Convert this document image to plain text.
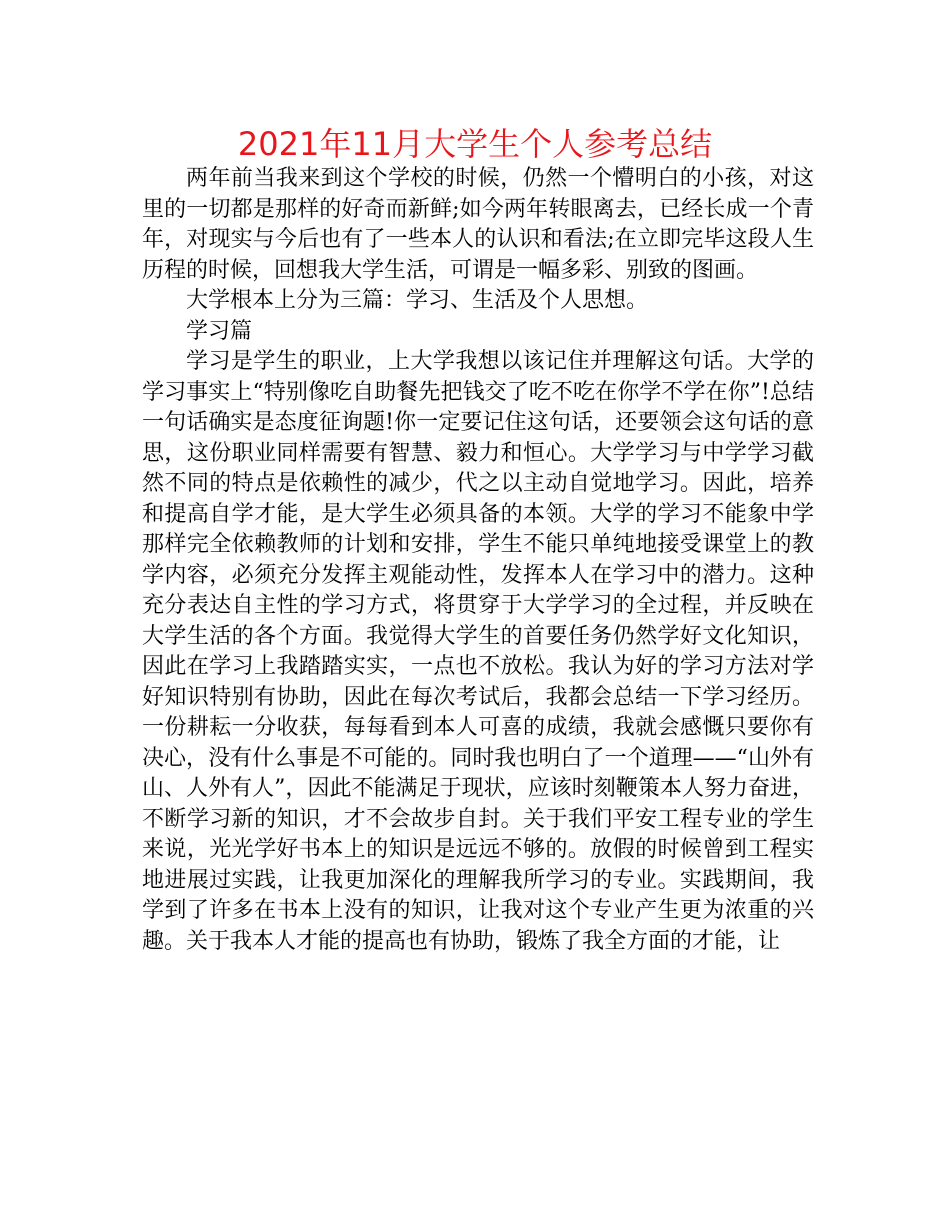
2021年11月大学生个人参考总结

两年前当我来到这个学校的时候，仍然一个懵明白的小孩，对这里的一切都是那样的好奇而新鲜;如今两年转眼离去，已经长成一个青年，对现实与今后也有了一些本人的认识和看法;在立即完毕这段人生历程的时候，回想我大学生活，可谓是一幅多彩、别致的图画。

大学根本上分为三篇：学习、生活及个人思想。

学习篇

学习是学生的职业，上大学我想以该记住并理解这句话。大学的学习事实上“特别像吃自助餐先把钱交了吃不吃在你学不学在你”!总结一句话确实是态度征询题!你一定要记住这句话，还要领会这句话的意思，这份职业同样需要有智慧、毅力和恒心。大学学习与中学学习截然不同的特点是依赖性的减少，代之以主动自觉地学习。因此，培养和提高自学才能，是大学生必须具备的本领。大学的学习不能象中学那样完全依赖教师的计划和安排，学生不能只单纯地接受课堂上的教学内容，必须充分发挥主观能动性，发挥本人在学习中的潜力。这种充分表达自主性的学习方式，将贯穿于大学学习的全过程，并反映在大学生活的各个方面。我觉得大学生的首要任务仍然学好文化知识，因此在学习上我踏踏实实，一点也不放松。我认为好的学习方法对学好知识特别有协助，因此在每次考试后，我都会总结一下学习经历。一份耕耘一分收获，每每看到本人可喜的成绩，我就会感慨只要你有决心，没有什么事是不可能的。同时我也明白了一个道理——“山外有山、人外有人”，因此不能满足于现状，应该时刻鞭策本人努力奋进，不断学习新的知识，才不会故步自封。关于我们平安工程专业的学生来说，光光学好书本上的知识是远远不够的。放假的时候曾到工程实地进展过实践，让我更加深化的理解我所学习的专业。实践期间，我学到了许多在书本上没有的知识，让我对这个专业产生更为浓重的兴趣。关于我本人才能的提高也有协助，锻炼了我全方面的才能，让
